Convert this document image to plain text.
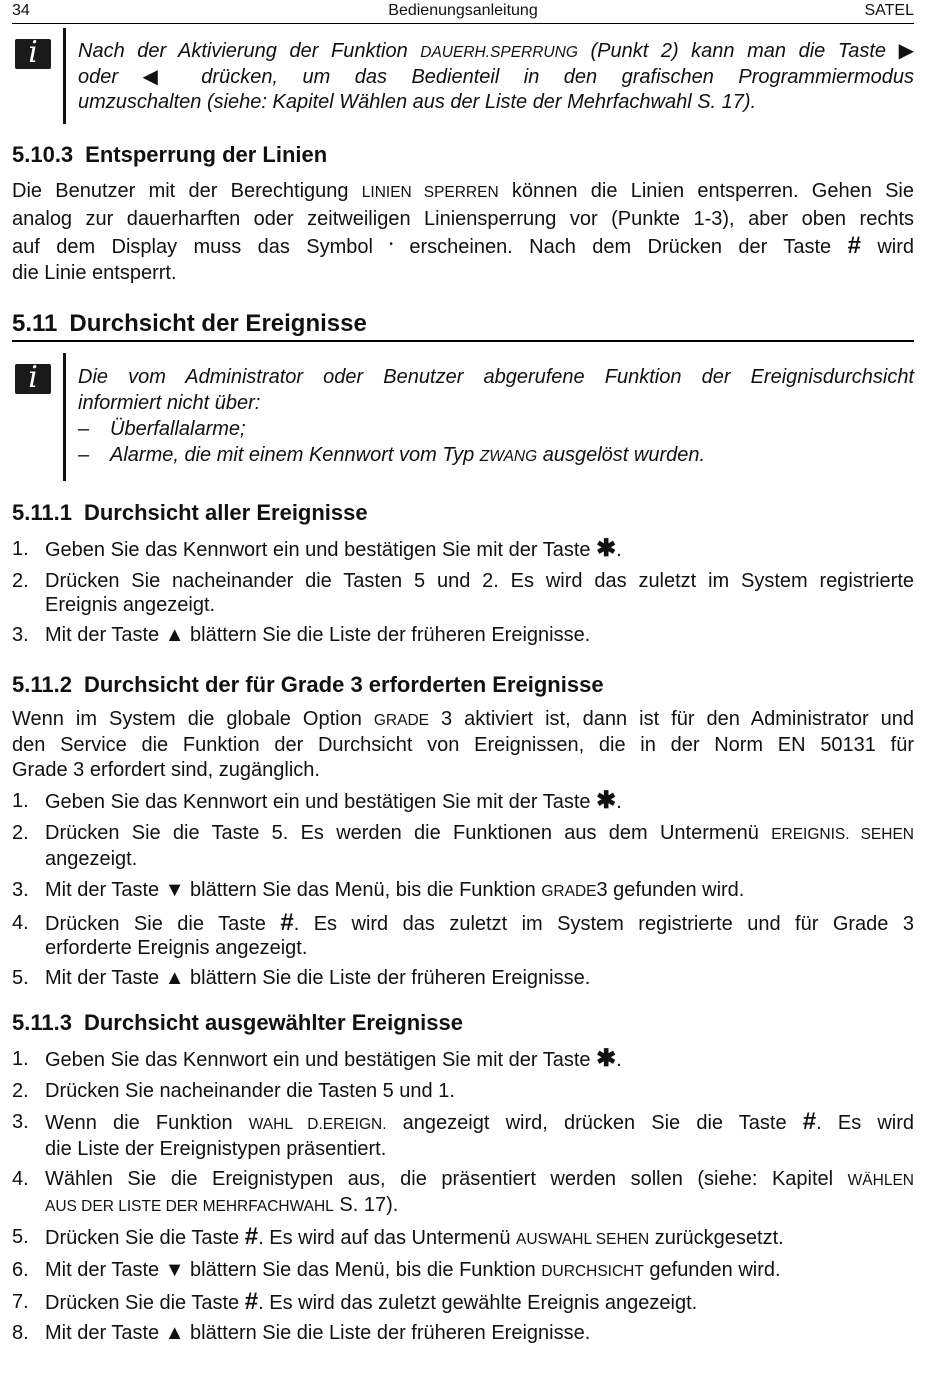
34	Bedienungsanleitung	SATEL
i	Nach der Aktivierung der Funktion DAUERH.SPERRUNG (Punkt 2) kann man die Taste ▶
oder ◀ drücken, um das Bedienteil in den grafischen Programmiermodus
umzuschalten (siehe: Kapitel Wählen aus der Liste der Mehrfachwahl S. 17).
5.10.3 Entsperrung der Linien
Die Benutzer mit der Berechtigung LINIEN SPERREN können die Linien entsperren. Gehen Sie
analog zur dauerharften oder zeitweiligen Liniensperrung vor (Punkte 1-3), aber oben rechts
auf dem Display muss das Symbol • erscheinen. Nach dem Drücken der Taste # wird
die Linie entsperrt.
5.11 Durchsicht der Ereignisse
i	Die vom Administrator oder Benutzer abgerufene Funktion der Ereignisdurchsicht
informiert nicht über:
– Überfallalarme;
– Alarme, die mit einem Kennwort vom Typ ZWANG ausgelöst wurden.
5.11.1 Durchsicht aller Ereignisse
1. Geben Sie das Kennwort ein und bestätigen Sie mit der Taste ✱.
2. Drücken Sie nacheinander die Tasten 5 und 2. Es wird das zuletzt im System registrierte
Ereignis angezeigt.
3. Mit der Taste ▲ blättern Sie die Liste der früheren Ereignisse.
5.11.2 Durchsicht der für Grade 3 erforderten Ereignisse
Wenn im System die globale Option GRADE 3 aktiviert ist, dann ist für den Administrator und
den Service die Funktion der Durchsicht von Ereignissen, die in der Norm EN 50131 für
Grade 3 erfordert sind, zugänglich.
1. Geben Sie das Kennwort ein und bestätigen Sie mit der Taste ✱.
2. Drücken Sie die Taste 5. Es werden die Funktionen aus dem Untermenü EREIGNIS. SEHEN
angezeigt.
3. Mit der Taste ▼ blättern Sie das Menü, bis die Funktion GRADE3 gefunden wird.
4. Drücken Sie die Taste #. Es wird das zuletzt im System registrierte und für Grade 3
erforderte Ereignis angezeigt.
5. Mit der Taste ▲ blättern Sie die Liste der früheren Ereignisse.
5.11.3 Durchsicht ausgewählter Ereignisse
1. Geben Sie das Kennwort ein und bestätigen Sie mit der Taste ✱.
2. Drücken Sie nacheinander die Tasten 5 und 1.
3. Wenn die Funktion WAHL D.EREIGN. angezeigt wird, drücken Sie die Taste #. Es wird
die Liste der Ereignistypen präsentiert.
4. Wählen Sie die Ereignistypen aus, die präsentiert werden sollen (siehe: Kapitel WÄHLEN
AUS DER LISTE DER MEHRFACHWAHL S. 17).
5. Drücken Sie die Taste #. Es wird auf das Untermenü AUSWAHL SEHEN zurückgesetzt.
6. Mit der Taste ▼ blättern Sie das Menü, bis die Funktion DURCHSICHT gefunden wird.
7. Drücken Sie die Taste #. Es wird das zuletzt gewählte Ereignis angezeigt.
8. Mit der Taste ▲ blättern Sie die Liste der früheren Ereignisse.
